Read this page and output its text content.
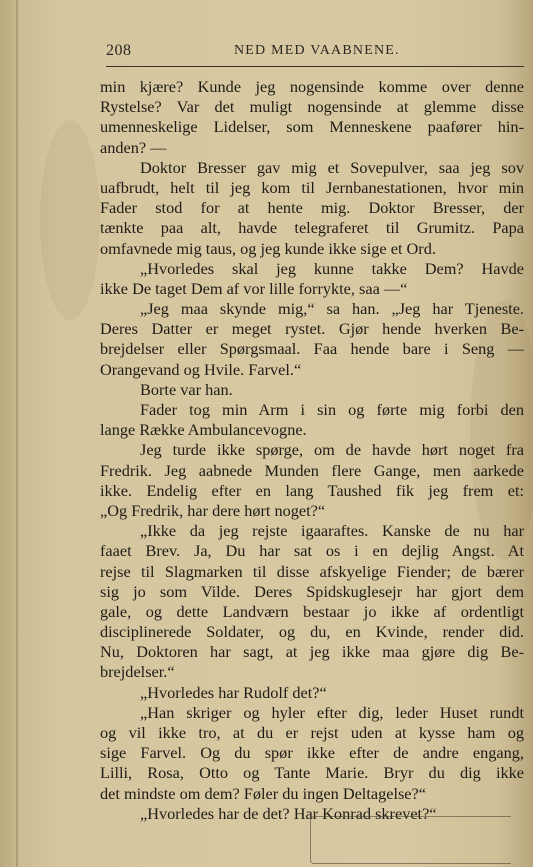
208	NED MED VAABNENE.
min kjære? Kunde jeg nogensinde komme over denne
Rystelse? Var det muligt nogensinde at glemme disse
umenneskelige Lidelser, som Menneskene paafører hin-
anden? —
Doktor Bresser gav mig et Sovepulver, saa jeg sov
uafbrudt, helt til jeg kom til Jernbanestationen, hvor min
Fader stod for at hente mig. Doktor Bresser, der
tænkte paa alt, havde telegraferet til Grumitz. Papa
omfavnede mig taus, og jeg kunde ikke sige et Ord.
„Hvorledes skal jeg kunne takke Dem? Havde
ikke De taget Dem af vor lille forrykte, saa —“
„Jeg maa skynde mig,“ sa han. „Jeg har Tjeneste.
Deres Datter er meget rystet. Gjør hende hverken Be-
brejdelser eller Spørgsmaal. Faa hende bare i Seng —
Orangevand og Hvile. Farvel.“
Borte var han.
Fader tog min Arm i sin og førte mig forbi den
lange Række Ambulancevogne.
Jeg turde ikke spørge, om de havde hørt noget fra
Fredrik. Jeg aabnede Munden flere Gange, men aarkede
ikke. Endelig efter en lang Taushed fik jeg frem et:
„Og Fredrik, har dere hørt noget?“
„Ikke da jeg rejste igaaraftes. Kanske de nu har
faaet Brev. Ja, Du har sat os i en dejlig Angst. At
rejse til Slagmarken til disse afskyelige Fiender; de bærer
sig jo som Vilde. Deres Spidskuglesejr har gjort dem
gale, og dette Landværn bestaar jo ikke af ordentligt
disciplinerede Soldater, og du, en Kvinde, render did.
Nu, Doktoren har sagt, at jeg ikke maa gjøre dig Be-
brejdelser.“
„Hvorledes har Rudolf det?“
„Han skriger og hyler efter dig, leder Huset rundt
og vil ikke tro, at du er rejst uden at kysse ham og
sige Farvel. Og du spør ikke efter de andre engang,
Lilli, Rosa, Otto og Tante Marie. Bryr du dig ikke
det mindste om dem? Føler du ingen Deltagelse?“
„Hvorledes har de det? Har Konrad skrevet?“
